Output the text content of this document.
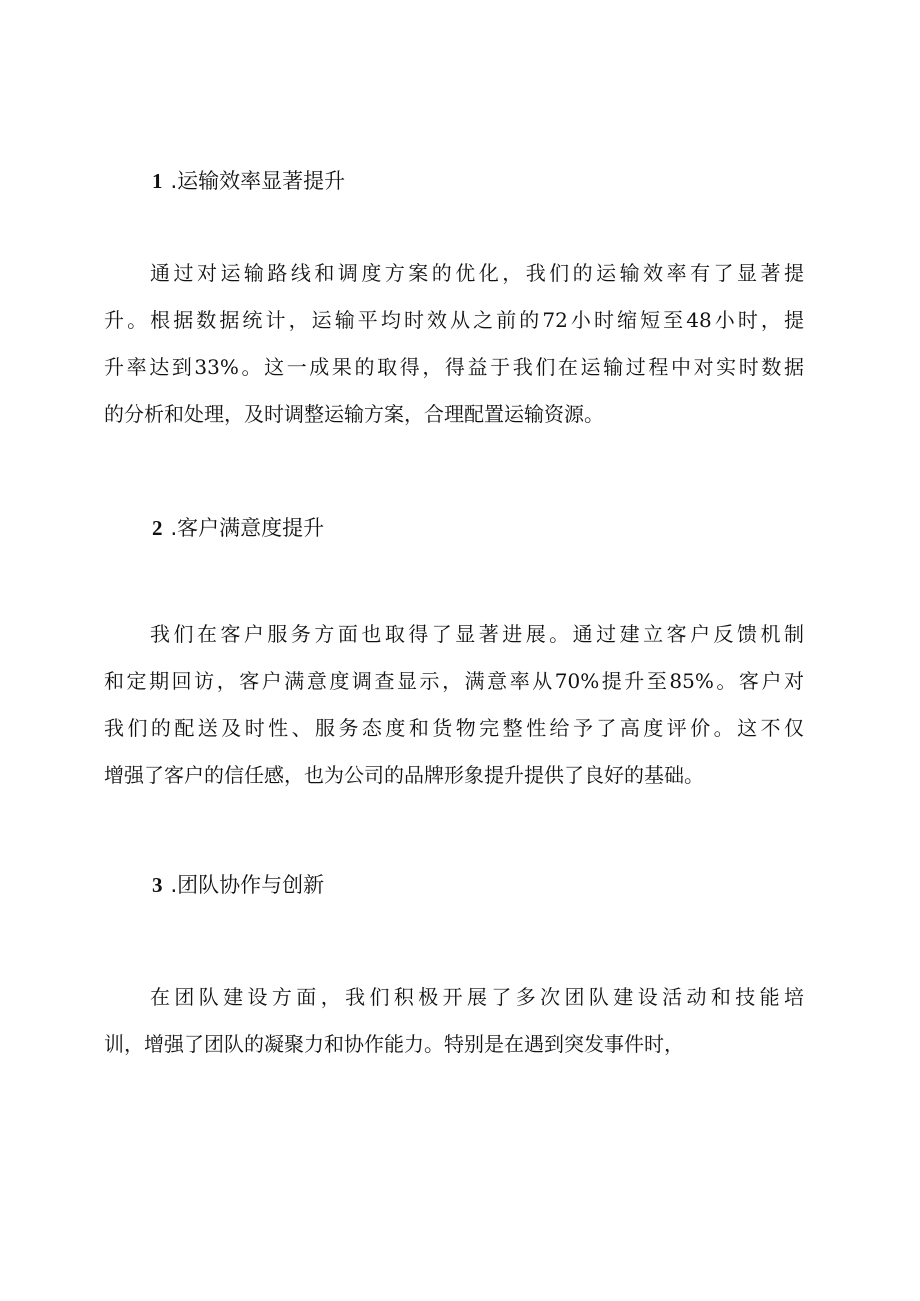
1 .运输效率显著提升
通过对运输路线和调度方案的优化，我们的运输效率有了显著提
升。根据数据统计，运输平均时效从之前的72小时缩短至48小时，提
升率达到33%。这一成果的取得，得益于我们在运输过程中对实时数据
的分析和处理，及时调整运输方案，合理配置运输资源。
2 .客户满意度提升
我们在客户服务方面也取得了显著进展。通过建立客户反馈机制
和定期回访，客户满意度调查显示，满意率从70%提升至85%。客户对
我们的配送及时性、服务态度和货物完整性给予了高度评价。这不仅
增强了客户的信任感，也为公司的品牌形象提升提供了良好的基础。
3 .团队协作与创新
在团队建设方面，我们积极开展了多次团队建设活动和技能培
训，增强了团队的凝聚力和协作能力。特别是在遇到突发事件时，
